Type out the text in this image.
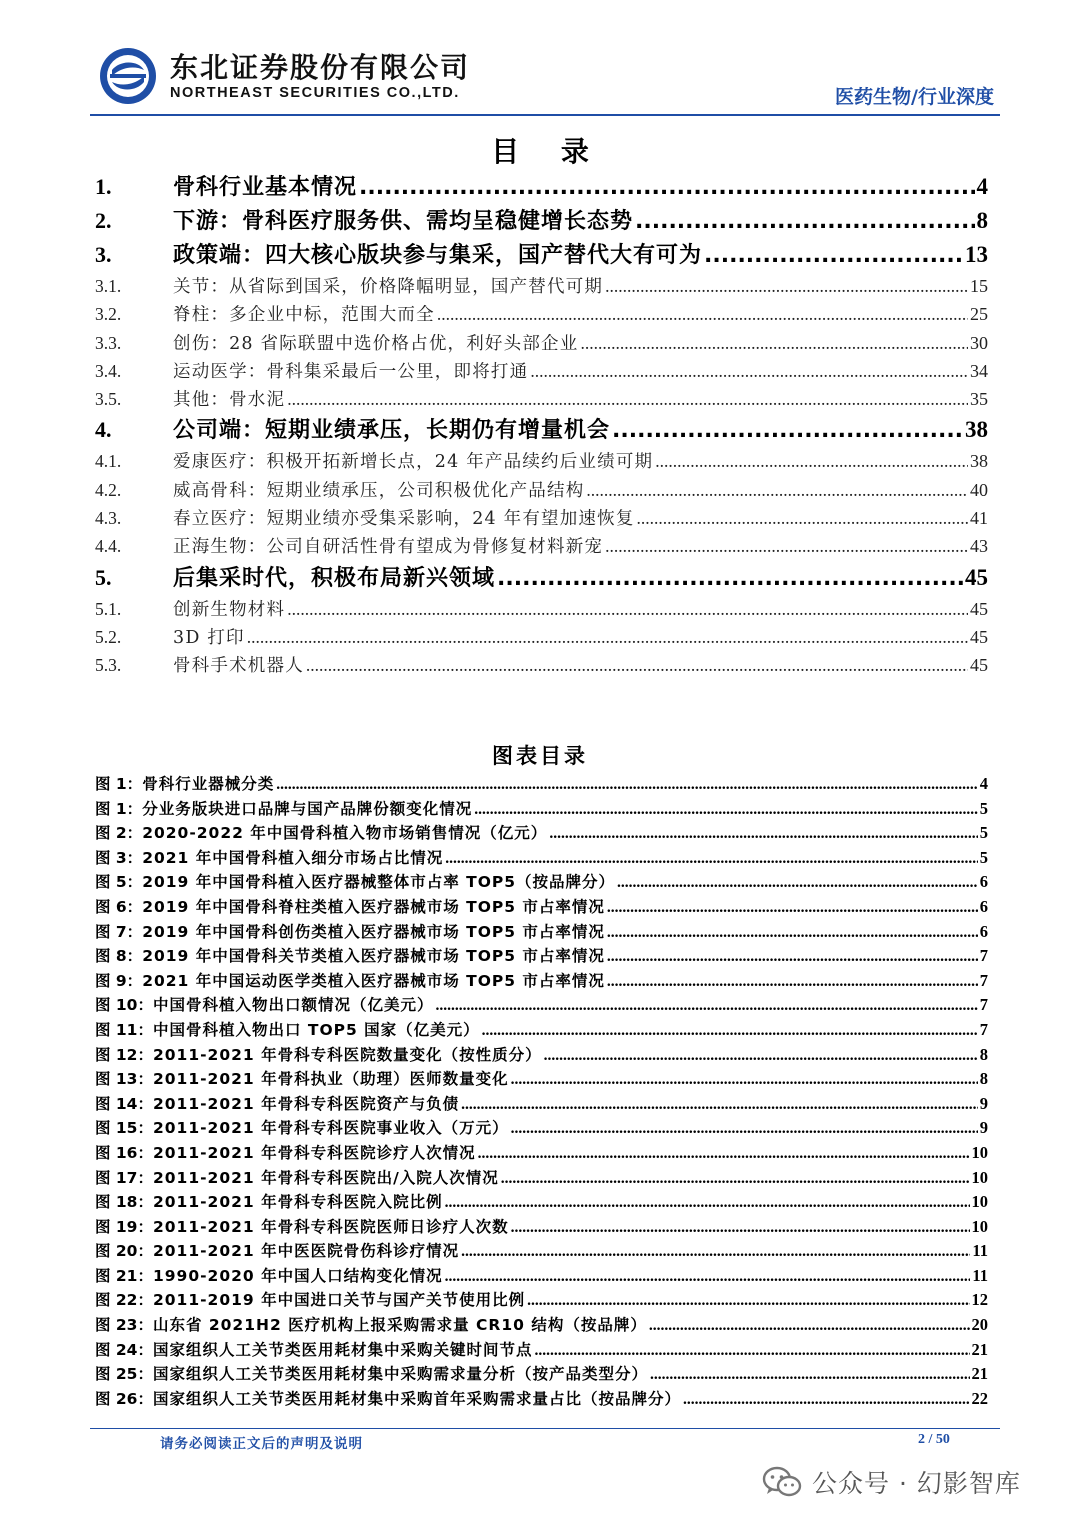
东北证券股份有限公司
NORTHEAST SECURITIES CO.,LTD.	医药生物/行业深度
目 录
1.	骨科行业基本情况 .....	4
2.	下游：骨科医疗服务供、需均呈稳健增长态势 .....	8
3.	政策端：四大核心版块参与集采，国产替代大有可为 .....	13
3.1.	关节：从省际到国采，价格降幅明显，国产替代可期 .....	15
3.2.	脊柱：多企业中标，范围大而全 .....	25
3.3.	创伤：28 省际联盟中选价格占优，利好头部企业 .....	30
3.4.	运动医学：骨科集采最后一公里，即将打通 .....	34
3.5.	其他：骨水泥 .....	35
4.	公司端：短期业绩承压，长期仍有增量机会 .....	38
4.1.	爱康医疗：积极开拓新增长点，24 年产品续约后业绩可期 .....	38
4.2.	威高骨科：短期业绩承压，公司积极优化产品结构 .....	40
4.3.	春立医疗：短期业绩亦受集采影响，24 年有望加速恢复 .....	41
4.4.	正海生物：公司自研活性骨有望成为骨修复材料新宠 .....	43
5.	后集采时代，积极布局新兴领域 .....	45
5.1.	创新生物材料 .....	45
5.2.	3D 打印 .....	45
5.3.	骨科手术机器人 .....	45
图表目录
图 1： 骨科行业器械分类 .....	4
图 1： 分业务版块进口品牌与国产品牌份额变化情况 .....	5
图 2： 2020-2022 年中国骨科植入物市场销售情况（亿元） .....	5
图 3： 2021 年中国骨科植入细分市场占比情况 .....	5
图 5： 2019 年中国骨科植入医疗器械整体市占率 TOP5（按品牌分） .....	6
图 6： 2019 年中国骨科脊柱类植入医疗器械市场 TOP5 市占率情况 .....	6
图 7： 2019 年中国骨科创伤类植入医疗器械市场 TOP5 市占率情况 .....	6
图 8： 2019 年中国骨科关节类植入医疗器械市场 TOP5 市占率情况 .....	7
图 9： 2021 年中国运动医学类植入医疗器械市场 TOP5 市占率情况 .....	7
图 10： 中国骨科植入物出口额情况（亿美元） .....	7
图 11： 中国骨科植入物出口 TOP5 国家（亿美元） .....	7
图 12： 2011-2021 年骨科专科医院数量变化（按性质分） .....	8
图 13： 2011-2021 年骨科执业（助理）医师数量变化 .....	8
图 14： 2011-2021 年骨科专科医院资产与负债 .....	9
图 15： 2011-2021 年骨科专科医院事业收入（万元） .....	9
图 16： 2011-2021 年骨科专科医院诊疗人次情况 .....	10
图 17： 2011-2021 年骨科专科医院出/入院人次情况 .....	10
图 18： 2011-2021 年骨科专科医院入院比例 .....	10
图 19： 2011-2021 年骨科专科医院医师日诊疗人次数 .....	10
图 20： 2011-2021 年中医医院骨伤科诊疗情况 .....	11
图 21： 1990-2020 年中国人口结构变化情况 .....	11
图 22： 2011-2019 年中国进口关节与国产关节使用比例 .....	12
图 23： 山东省 2021H2 医疗机构上报采购需求量 CR10 结构（按品牌） .....	20
图 24： 国家组织人工关节类医用耗材集中采购关键时间节点 .....	21
图 25： 国家组织人工关节类医用耗材集中采购需求量分析（按产品类型分） .....	21
图 26： 国家组织人工关节类医用耗材集中采购首年采购需求量占比（按品牌分） .....	22
请务必阅读正文后的声明及说明	2 / 50
公众号 · 幻影智库
